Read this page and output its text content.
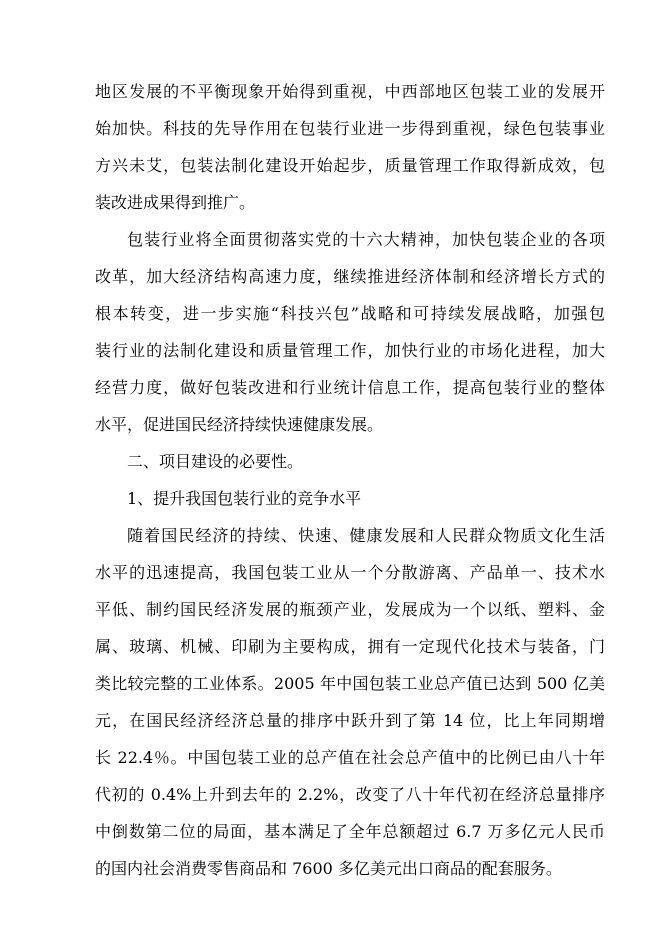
地区发展的不平衡现象开始得到重视，中西部地区包装工业的发展开
始加快。科技的先导作用在包装行业进一步得到重视，绿色包装事业
方兴未艾，包装法制化建设开始起步，质量管理工作取得新成效，包
装改进成果得到推广。
包装行业将全面贯彻落实党的十六大精神，加快包装企业的各项
改革，加大经济结构高速力度，继续推进经济体制和经济增长方式的
根本转变，进一步实施“科技兴包”战略和可持续发展战略，加强包
装行业的法制化建设和质量管理工作，加快行业的市场化进程，加大
经营力度，做好包装改进和行业统计信息工作，提高包装行业的整体
水平，促进国民经济持续快速健康发展。
二、项目建设的必要性。
1、提升我国包装行业的竞争水平
随着国民经济的持续、快速、健康发展和人民群众物质文化生活
水平的迅速提高，我国包装工业从一个分散游离、产品单一、技术水
平低、制约国民经济发展的瓶颈产业，发展成为一个以纸、塑料、金
属、玻璃、机械、印刷为主要构成，拥有一定现代化技术与装备，门
类比较完整的工业体系。2005 年中国包装工业总产值已达到 500 亿美
元，在国民经济经济总量的排序中跃升到了第 14 位，比上年同期增
长 22.4％。中国包装工业的总产值在社会总产值中的比例已由八十年
代初的 0.4%上升到去年的 2.2%，改变了八十年代初在经济总量排序
中倒数第二位的局面，基本满足了全年总额超过 6.7 万多亿元人民币
的国内社会消费零售商品和 7600 多亿美元出口商品的配套服务。
